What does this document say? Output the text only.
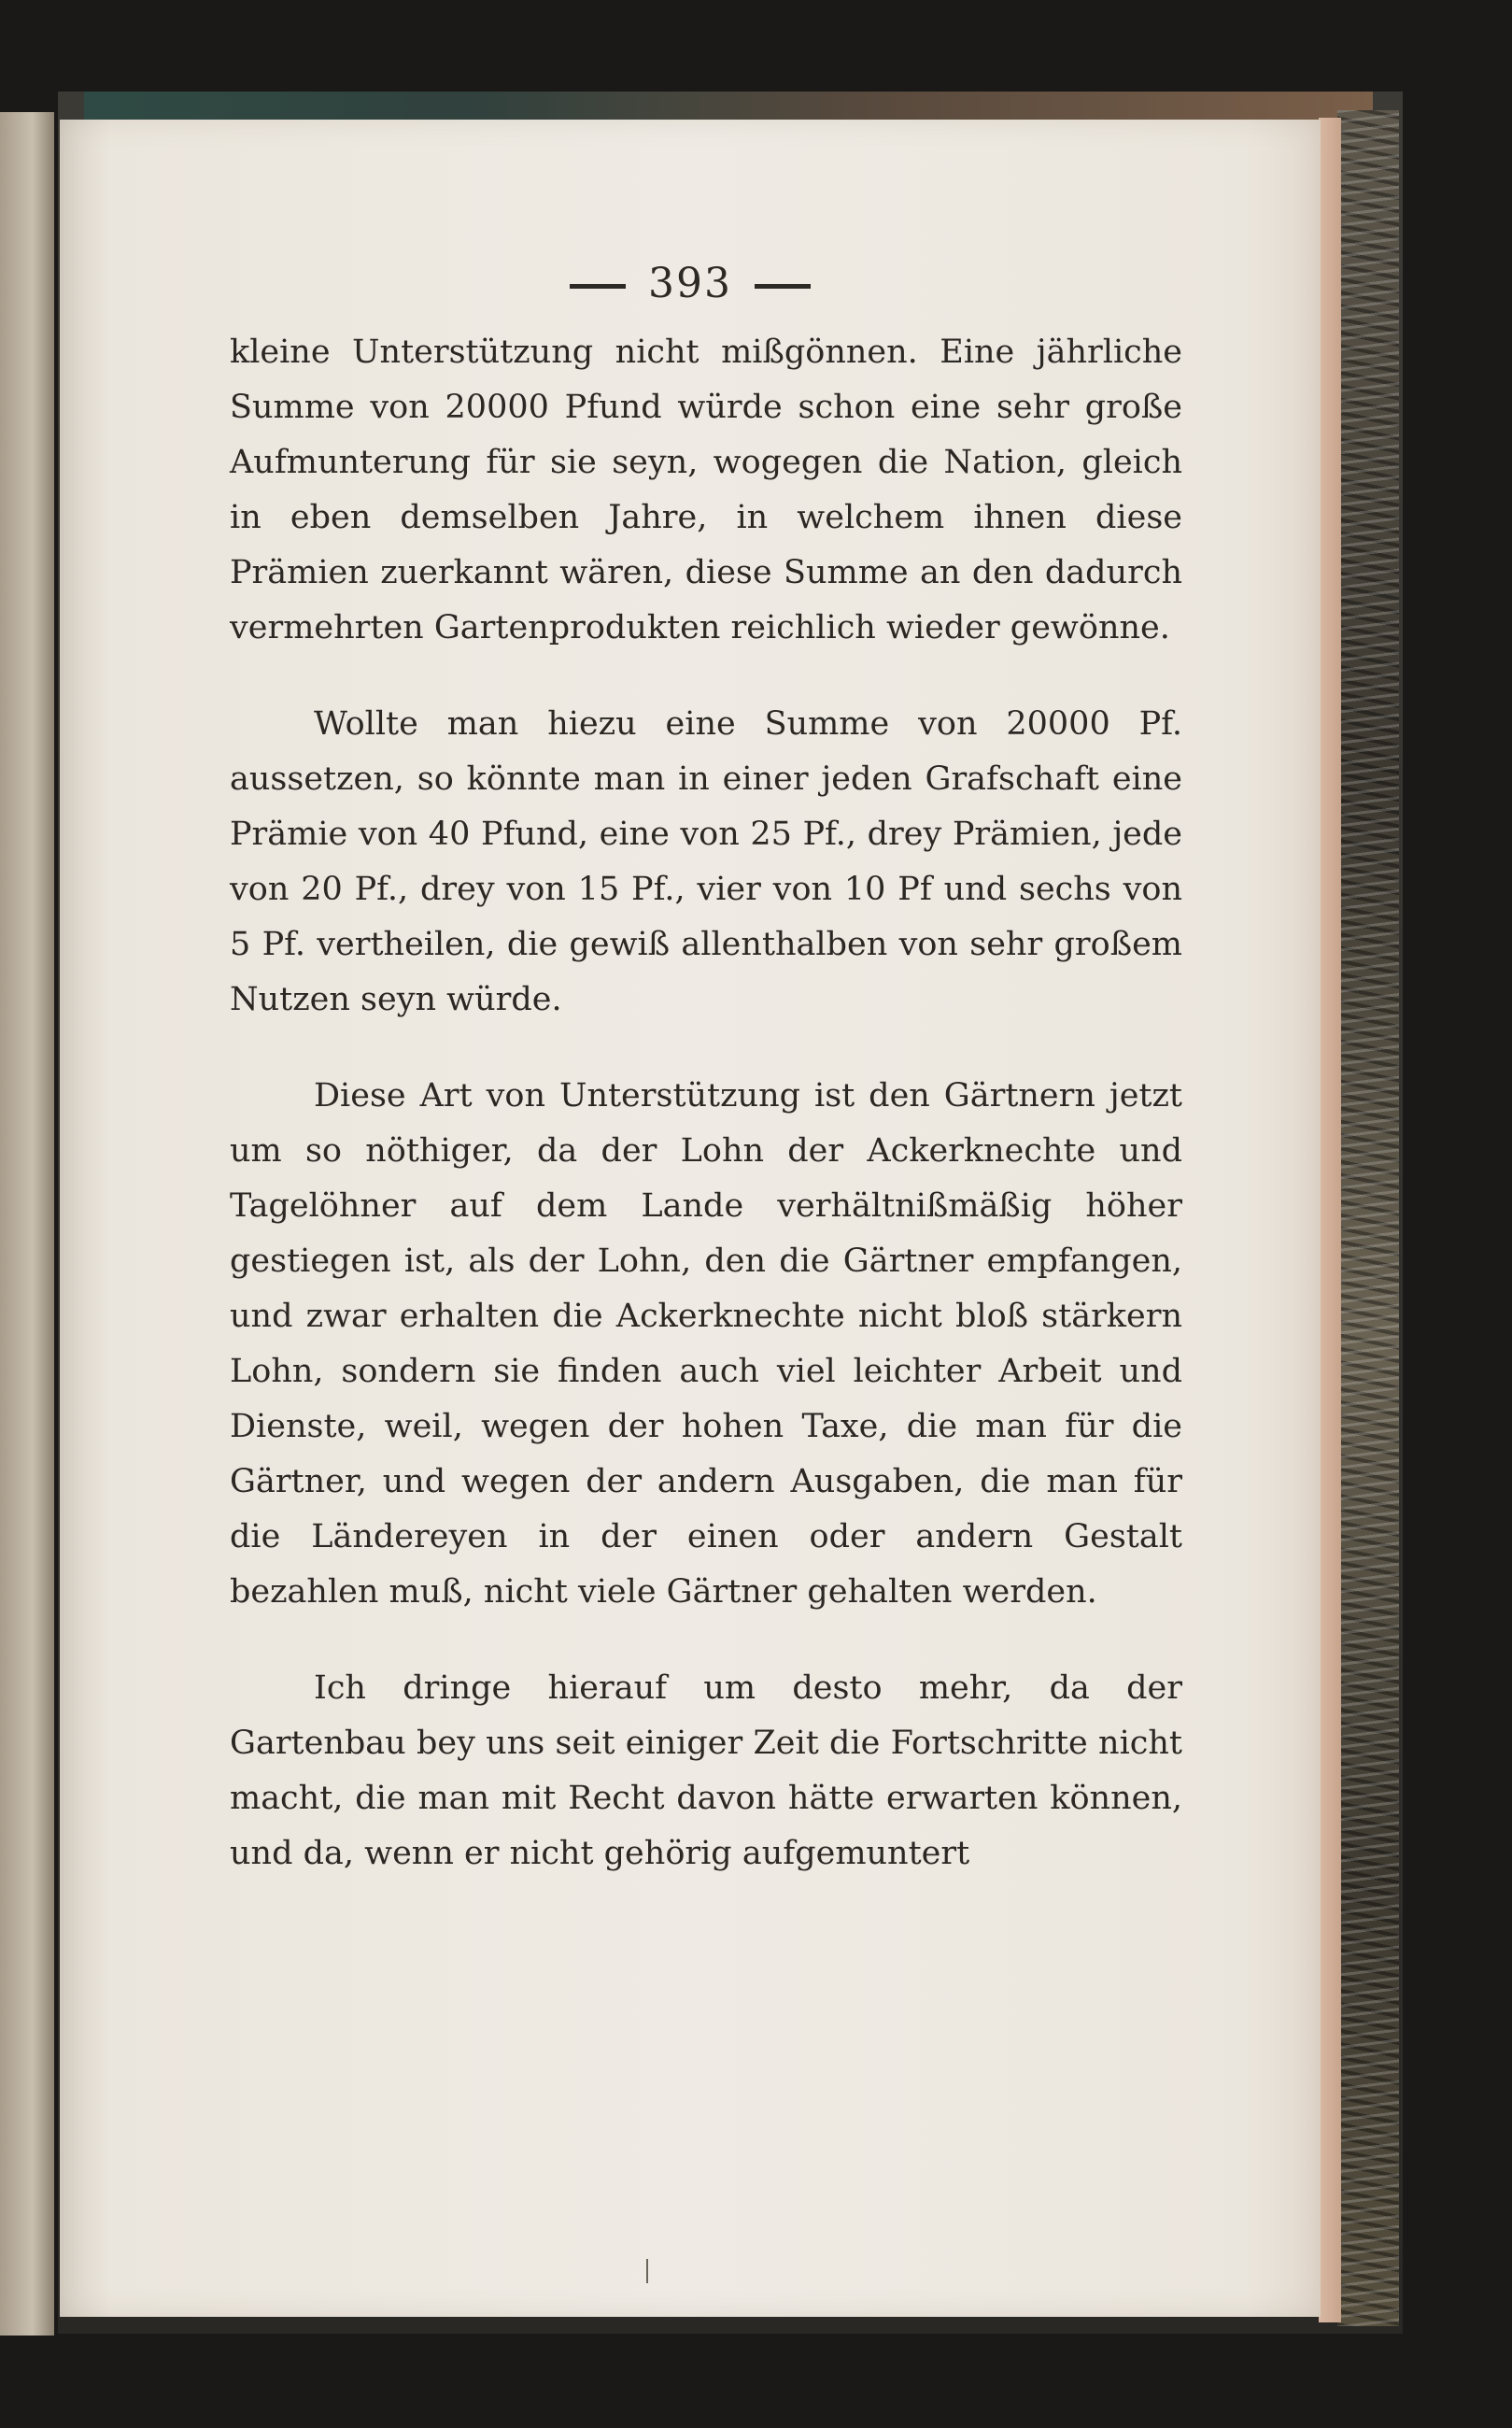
393

kleine Unterstützung nicht mißgönnen. Eine jährliche Summe von 20000 Pfund würde schon eine sehr große Aufmunterung für sie seyn, wogegen die Nation, gleich in eben demselben Jahre, in welchem ihnen diese Prämien zuerkannt wären, diese Summe an den dadurch vermehrten Gartenprodukten reichlich wieder gewönne.

Wollte man hiezu eine Summe von 20000 Pf. aussetzen, so könnte man in einer jeden Grafschaft eine Prämie von 40 Pfund, eine von 25 Pf., drey Prämien, jede von 20 Pf., drey von 15 Pf., vier von 10 Pf und sechs von 5 Pf. vertheilen, die gewiß allenthalben von sehr großem Nutzen seyn würde.

Diese Art von Unterstützung ist den Gärtnern jetzt um so nöthiger, da der Lohn der Ackerknechte und Tagelöhner auf dem Lande verhältnißmäßig höher gestiegen ist, als der Lohn, den die Gärtner empfangen, und zwar erhalten die Ackerknechte nicht bloß stärkern Lohn, sondern sie finden auch viel leichter Arbeit und Dienste, weil, wegen der hohen Taxe, die man für die Gärtner, und wegen der andern Ausgaben, die man für die Ländereyen in der einen oder andern Gestalt bezahlen muß, nicht viele Gärtner gehalten werden.

Ich dringe hierauf um desto mehr, da der Gartenbau bey uns seit einiger Zeit die Fortschritte nicht macht, die man mit Recht davon hätte erwarten können, und da, wenn er nicht gehörig aufgemuntert
